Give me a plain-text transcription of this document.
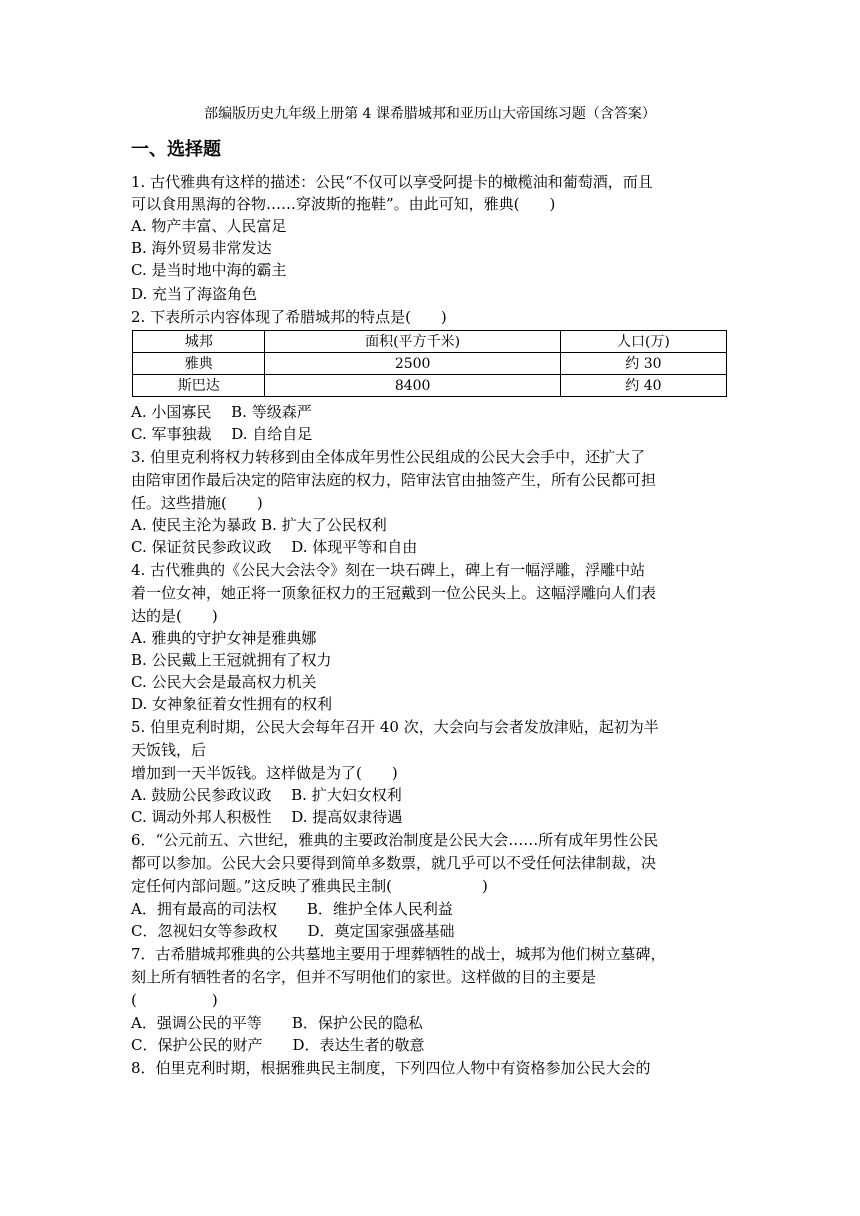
部编版历史九年级上册第 4 课希腊城邦和亚历山大帝国练习题（含答案）
一、选择题
1. 古代雅典有这样的描述：公民“不仅可以享受阿提卡的橄榄油和葡萄酒，而且
可以食用黑海的谷物……穿波斯的拖鞋”。由此可知，雅典(　　)
A. 物产丰富、人民富足
B. 海外贸易非常发达
C. 是当时地中海的霸主
D. 充当了海盗角色
2. 下表所示内容体现了希腊城邦的特点是(　　)
城邦	面积(平方千米)	人口(万)
雅典	2500	约 30
斯巴达	8400	约 40
A. 小国寡民　 B. 等级森严
C. 军事独裁　 D. 自给自足
3. 伯里克利将权力转移到由全体成年男性公民组成的公民大会手中，还扩大了
由陪审团作最后决定的陪审法庭的权力，陪审法官由抽签产生，所有公民都可担
任。这些措施(　　)
A. 使民主沦为暴政 B. 扩大了公民权利
C. 保证贫民参政议政　 D. 体现平等和自由
4. 古代雅典的《公民大会法令》刻在一块石碑上，碑上有一幅浮雕，浮雕中站
着一位女神，她正将一顶象征权力的王冠戴到一位公民头上。这幅浮雕向人们表
达的是(　　)
A. 雅典的守护女神是雅典娜
B. 公民戴上王冠就拥有了权力
C. 公民大会是最高权力机关
D. 女神象征着女性拥有的权利
5. 伯里克利时期，公民大会每年召开 40 次，大会向与会者发放津贴，起初为半
天饭钱，后
增加到一天半饭钱。这样做是为了(　　)
A. 鼓励公民参政议政　 B. 扩大妇女权利
C. 调动外邦人积极性　 D. 提高奴隶待遇
6．“公元前五、六世纪，雅典的主要政治制度是公民大会……所有成年男性公民
都可以参加。公民大会只要得到简单多数票，就几乎可以不受任何法律制裁，决
定任何内部问题。”这反映了雅典民主制(　　　　　　)
A．拥有最高的司法权　　B．维护全体人民利益
C．忽视妇女等参政权　　D．奠定国家强盛基础
7．古希腊城邦雅典的公共墓地主要用于埋葬牺牲的战士，城邦为他们树立墓碑，
刻上所有牺牲者的名字，但并不写明他们的家世。这样做的目的主要是
(　　　　　)
A．强调公民的平等　　B．保护公民的隐私
C．保护公民的财产　　D．表达生者的敬意
8．伯里克利时期，根据雅典民主制度，下列四位人物中有资格参加公民大会的
